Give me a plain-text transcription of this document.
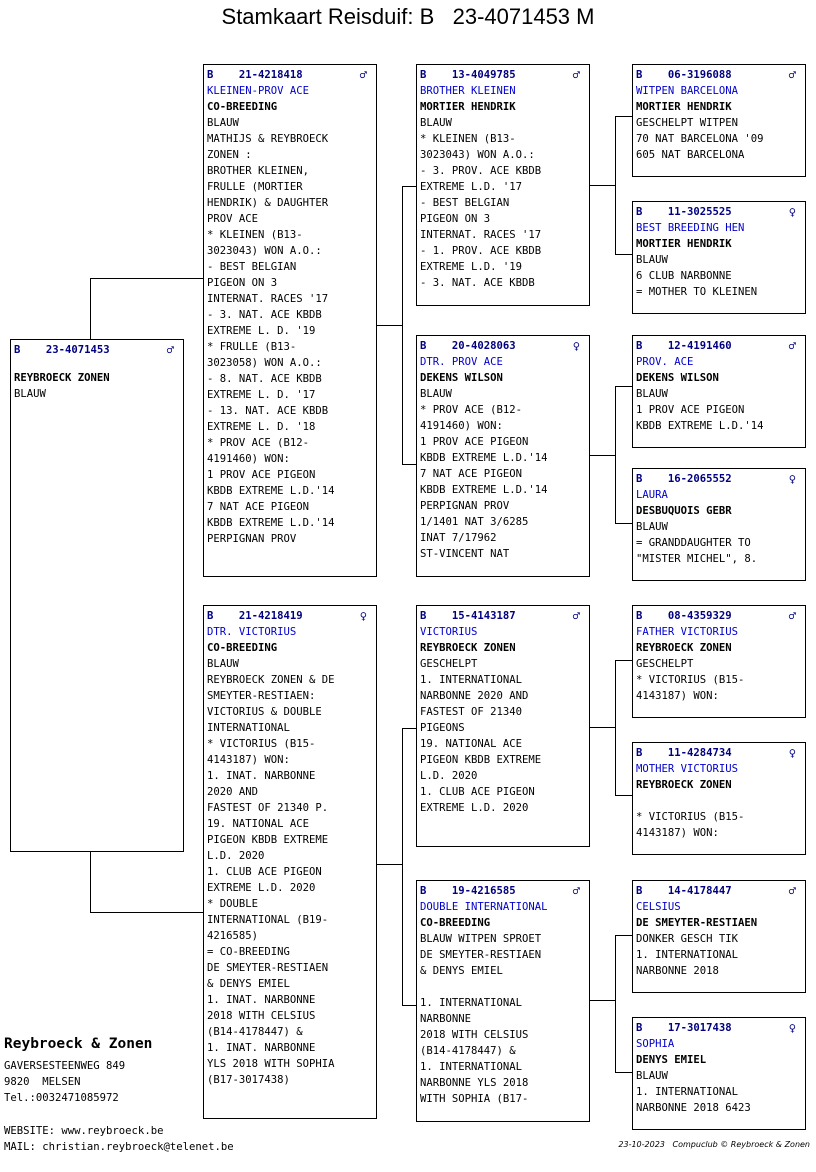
Stamkaart Reisduif: B   23-4071453 M
B    23-4071453	♂
REYBROECK ZONEN
BLAUW
B    21-4218418	♂
KLEINEN-PROV ACE
CO-BREEDING
BLAUW
MATHIJS & REYBROECK
ZONEN :
BROTHER KLEINEN,
FRULLE (MORTIER
HENDRIK) & DAUGHTER
PROV ACE
* KLEINEN (B13-
3023043) WON A.O.:
- BEST BELGIAN
PIGEON ON 3
INTERNAT. RACES '17
- 3. NAT. ACE KBDB
EXTREME L. D. '19
* FRULLE (B13-
3023058) WON A.O.:
- 8. NAT. ACE KBDB
EXTREME L. D. '17
- 13. NAT. ACE KBDB
EXTREME L. D. '18
* PROV ACE (B12-
4191460) WON:
1 PROV ACE PIGEON
KBDB EXTREME L.D.'14
7 NAT ACE PIGEON
KBDB EXTREME L.D.'14
PERPIGNAN PROV
B    21-4218419	♀
DTR. VICTORIUS
CO-BREEDING
BLAUW
REYBROECK ZONEN & DE
SMEYTER-RESTIAEN:
VICTORIUS & DOUBLE
INTERNATIONAL
* VICTORIUS (B15-
4143187) WON:
1. INAT. NARBONNE
2020 AND
FASTEST OF 21340 P.
19. NATIONAL ACE
PIGEON KBDB EXTREME
L.D. 2020
1. CLUB ACE PIGEON
EXTREME L.D. 2020
* DOUBLE
INTERNATIONAL (B19-
4216585)
= CO-BREEDING
DE SMEYTER-RESTIAEN
& DENYS EMIEL
1. INAT. NARBONNE
2018 WITH CELSIUS
(B14-4178447) &
1. INAT. NARBONNE
YLS 2018 WITH SOPHIA
(B17-3017438)
B    13-4049785	♂
BROTHER KLEINEN
MORTIER HENDRIK
BLAUW
* KLEINEN (B13-
3023043) WON A.O.:
- 3. PROV. ACE KBDB
EXTREME L.D. '17
- BEST BELGIAN
PIGEON ON 3
INTERNAT. RACES '17
- 1. PROV. ACE KBDB
EXTREME L.D. '19
- 3. NAT. ACE KBDB
B    20-4028063	♀
DTR. PROV ACE
DEKENS WILSON
BLAUW
* PROV ACE (B12-
4191460) WON:
1 PROV ACE PIGEON
KBDB EXTREME L.D.'14
7 NAT ACE PIGEON
KBDB EXTREME L.D.'14
PERPIGNAN PROV
1/1401 NAT 3/6285
INAT 7/17962
ST-VINCENT NAT
B    15-4143187	♂
VICTORIUS
REYBROECK ZONEN
GESCHELPT
1. INTERNATIONAL
NARBONNE 2020 AND
FASTEST OF 21340
PIGEONS
19. NATIONAL ACE
PIGEON KBDB EXTREME
L.D. 2020
1. CLUB ACE PIGEON
EXTREME L.D. 2020
B    19-4216585	♂
DOUBLE INTERNATIONAL
CO-BREEDING
BLAUW WITPEN SPROET
DE SMEYTER-RESTIAEN
& DENYS EMIEL
1. INTERNATIONAL
NARBONNE
2018 WITH CELSIUS
(B14-4178447) &
1. INTERNATIONAL
NARBONNE YLS 2018
WITH SOPHIA (B17-
B    06-3196088	♂
WITPEN BARCELONA
MORTIER HENDRIK
GESCHELPT WITPEN
70 NAT BARCELONA '09
605 NAT BARCELONA
B    11-3025525	♀
BEST BREEDING HEN
MORTIER HENDRIK
BLAUW
6 CLUB NARBONNE
= MOTHER TO KLEINEN
B    12-4191460	♂
PROV. ACE
DEKENS WILSON
BLAUW
1 PROV ACE PIGEON
KBDB EXTREME L.D.'14
B    16-2065552	♀
LAURA
DESBUQUOIS GEBR
BLAUW
= GRANDDAUGHTER TO
"MISTER MICHEL", 8.
B    08-4359329	♂
FATHER VICTORIUS
REYBROECK ZONEN
GESCHELPT
* VICTORIUS (B15-
4143187) WON:
B    11-4284734	♀
MOTHER VICTORIUS
REYBROECK ZONEN
* VICTORIUS (B15-
4143187) WON:
B    14-4178447	♂
CELSIUS
DE SMEYTER-RESTIAEN
DONKER GESCH TIK
1. INTERNATIONAL
NARBONNE 2018
B    17-3017438	♀
SOPHIA
DENYS EMIEL
BLAUW
1. INTERNATIONAL
NARBONNE 2018 6423
Reybroeck & Zonen
GAVERSESTEENWEG 849
9820  MELSEN
Tel.:0032471085972
WEBSITE: www.reybroeck.be
MAIL: christian.reybroeck@telenet.be	23-10-2023 Compuclub © Reybroeck & Zonen
